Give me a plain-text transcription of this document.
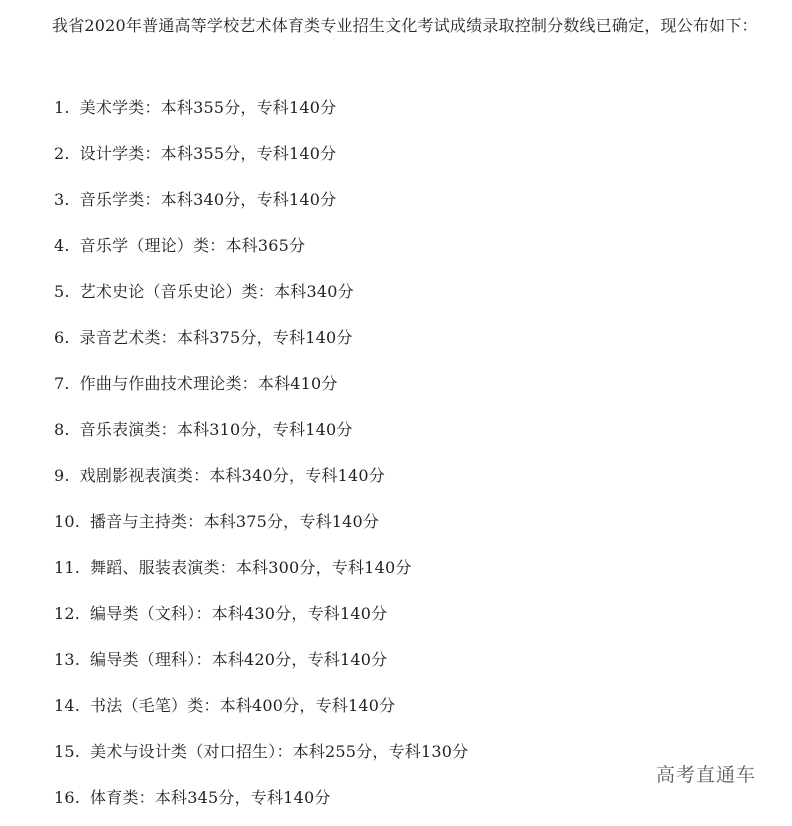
我省2020年普通高等学校艺术体育类专业招生文化考试成绩录取控制分数线已确定，现公布如下：

1. 美术学类：本科355分，专科140分
2. 设计学类：本科355分，专科140分
3. 音乐学类：本科340分，专科140分
4. 音乐学（理论）类：本科365分
5. 艺术史论（音乐史论）类：本科340分
6. 录音艺术类：本科375分，专科140分
7. 作曲与作曲技术理论类：本科410分
8. 音乐表演类：本科310分，专科140分
9. 戏剧影视表演类：本科340分，专科140分
10. 播音与主持类：本科375分，专科140分
11. 舞蹈、服装表演类：本科300分，专科140分
12. 编导类（文科）：本科430分，专科140分
13. 编导类（理科）：本科420分，专科140分
14. 书法（毛笔）类：本科400分，专科140分
15. 美术与设计类（对口招生）：本科255分，专科130分
16. 体育类：本科345分，专科140分
高考直通车
